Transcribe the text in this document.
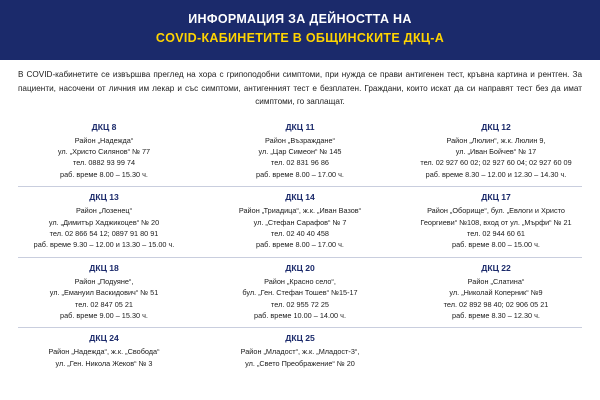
ИНФОРМАЦИЯ ЗА ДЕЙНОСТТА НА
COVID-КАБИНЕТИТЕ В ОБЩИНСКИТЕ ДКЦ-А

В COVID-кабинетите се извършва преглед на хора с грипоподобни симптоми, при нужда се прави антигенен тест, кръвна картина и рентген. За пациенти, насочени от личния им лекар и със симптоми, антигенният тест е безплатен. Граждани, които искат да си направят тест без да имат симптоми, го заплащат.

ДКЦ 8
Район „Надежда“
ул. „Христо Силянов“ № 77
тел. 0882 93 99 74
раб. време 8.00 – 15.30 ч.
ДКЦ 11
Район „Възраждане“
ул. „Цар Симеон“ № 145
тел. 02 831 96 86
раб. време 8.00 – 17.00 ч.
ДКЦ 12
Район „Люлин“, ж.к. Люлин 9,
ул. „Иван Бойчев“ № 17
тел. 02 927 60 02; 02 927 60 04; 02 927 60 09
раб. време 8.30 – 12.00 и 12.30 – 14.30 ч.
ДКЦ 13
Район „Лозенец“
ул. „Димитър Хаджикоцев“ № 20
тел. 02 866 54 12; 0897 91 80 91
раб. време 9.30 – 12.00 и 13.30 – 15.00 ч.
ДКЦ 14
Район „Триадица“, ж.к. „Иван Вазов“
ул. „Стефан Сарафов“ № 7
тел. 02 40 40 458
раб. време 8.00 – 17.00 ч.
ДКЦ 17
Район „Оборище“, бул. „Евлоги и Христо
Георгиеви“ №108, вход от ул. „Мърфи“ № 21
тел. 02 944 60 61
раб. време 8.00 – 15.00 ч.
ДКЦ 18
Район „Подуяне“,
ул. „Емануил Васкидович“ № 51
тел. 02 847 05 21
раб. време 9.00 – 15.30 ч.
ДКЦ 20
Район „Красно село“,
бул. „Ген. Стефан Тошев“ №15-17
тел. 02 955 72 25
раб. време 10.00 – 14.00 ч.
ДКЦ 22
Район „Слатина“
ул. „Николай Коперник“ №9
тел. 02 892 98 40; 02 906 05 21
раб. време 8.30 – 12.30 ч.
ДКЦ 24
Район „Надежда“, ж.к. „Свобода“
ул. „Ген. Никола Жеков“ № 3
ДКЦ 25
Район „Младост“, ж.к. „Младост-3“,
ул. „Свето Преображение“ № 20
